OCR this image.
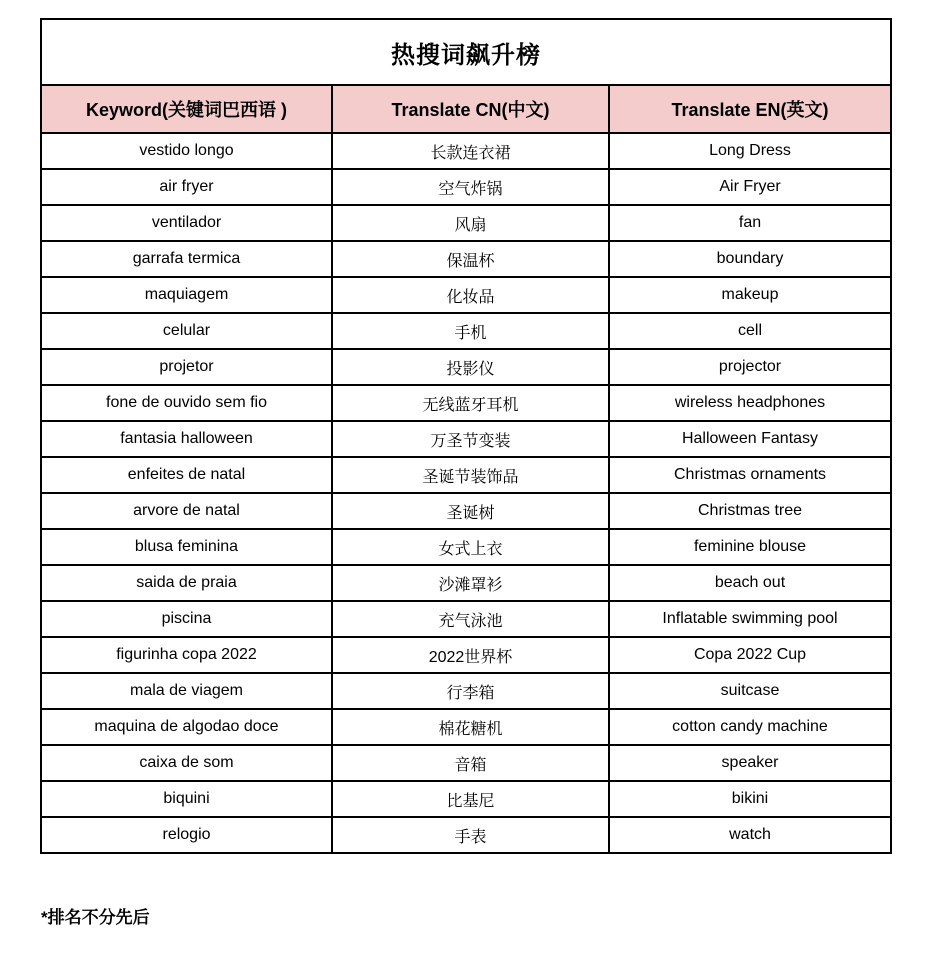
热搜词飙升榜		
Keyword(关键词巴西语 )	Translate CN(中文)	Translate EN(英文)
vestido longo	长款连衣裙	Long Dress
air fryer	空气炸锅	Air Fryer
ventilador	风扇	fan
garrafa termica	保温杯	boundary
maquiagem	化妆品	makeup
celular	手机	cell
projetor	投影仪	projector
fone de ouvido sem fio	无线蓝牙耳机	wireless headphones
fantasia halloween	万圣节变装	Halloween Fantasy
enfeites de natal	圣诞节装饰品	Christmas ornaments
arvore de natal	圣诞树	Christmas tree
blusa feminina	女式上衣	feminine blouse
saida de praia	沙滩罩衫	beach out
piscina	充气泳池	Inflatable swimming pool
figurinha copa 2022	2022世界杯	Copa 2022 Cup
mala de viagem	行李箱	suitcase
maquina de algodao doce	棉花糖机	cotton candy machine
caixa de som	音箱	speaker
biquini	比基尼	bikini
relogio	手表	watch
*排名不分先后
